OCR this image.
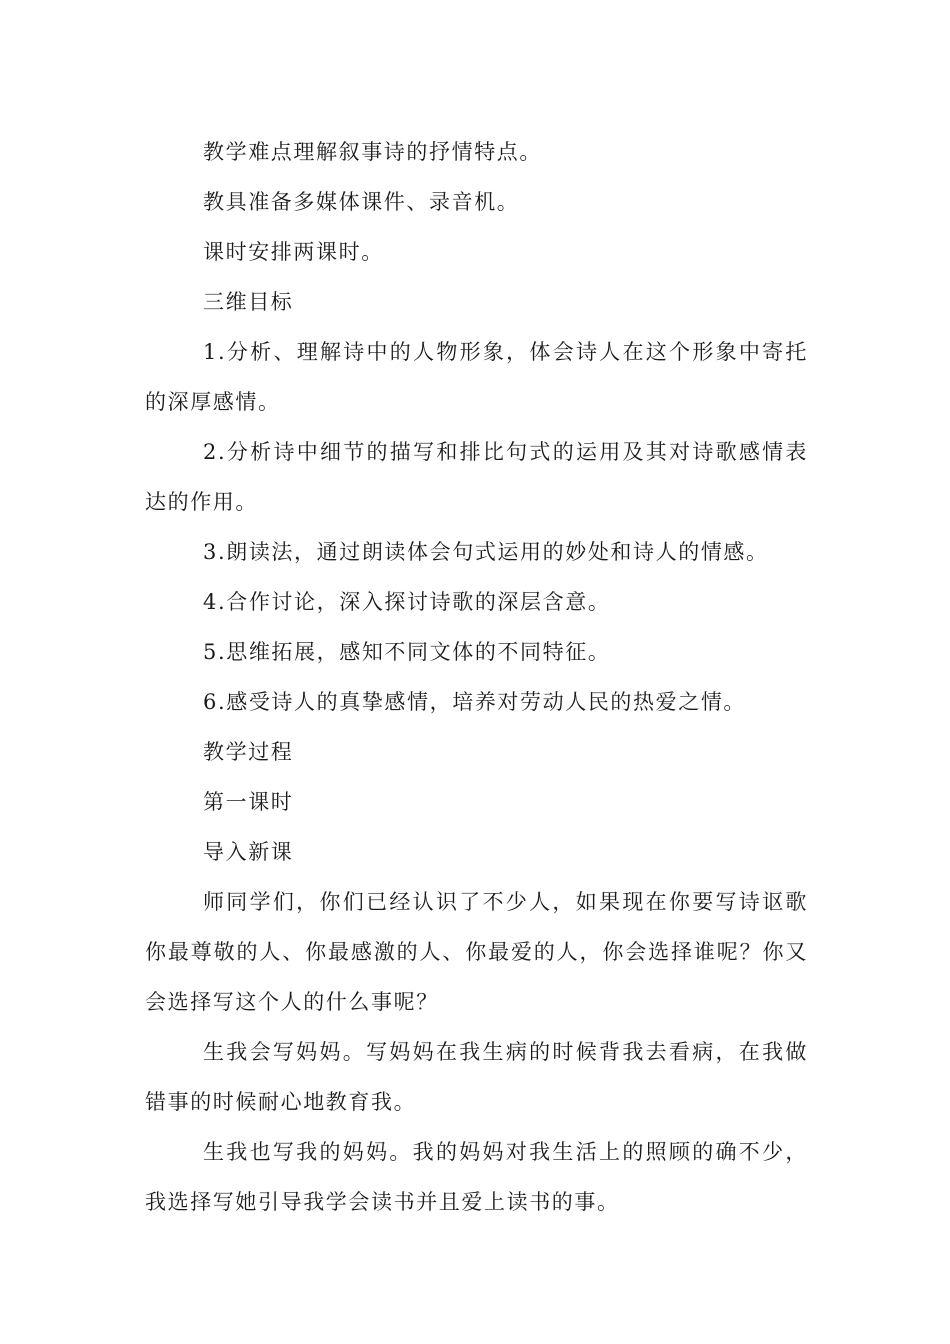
教学难点理解叙事诗的抒情特点。

教具准备多媒体课件、录音机。

课时安排两课时。

三维目标

1.分析、理解诗中的人物形象，体会诗人在这个形象中寄托的深厚感情。

2.分析诗中细节的描写和排比句式的运用及其对诗歌感情表达的作用。

3.朗读法，通过朗读体会句式运用的妙处和诗人的情感。

4.合作讨论，深入探讨诗歌的深层含意。

5.思维拓展，感知不同文体的不同特征。

6.感受诗人的真挚感情，培养对劳动人民的热爱之情。

教学过程

第一课时

导入新课

师同学们，你们已经认识了不少人，如果现在你要写诗讴歌你最尊敬的人、你最感激的人、你最爱的人，你会选择谁呢？你又会选择写这个人的什么事呢？

生我会写妈妈。写妈妈在我生病的时候背我去看病，在我做错事的时候耐心地教育我。

生我也写我的妈妈。我的妈妈对我生活上的照顾的确不少，我选择写她引导我学会读书并且爱上读书的事。
